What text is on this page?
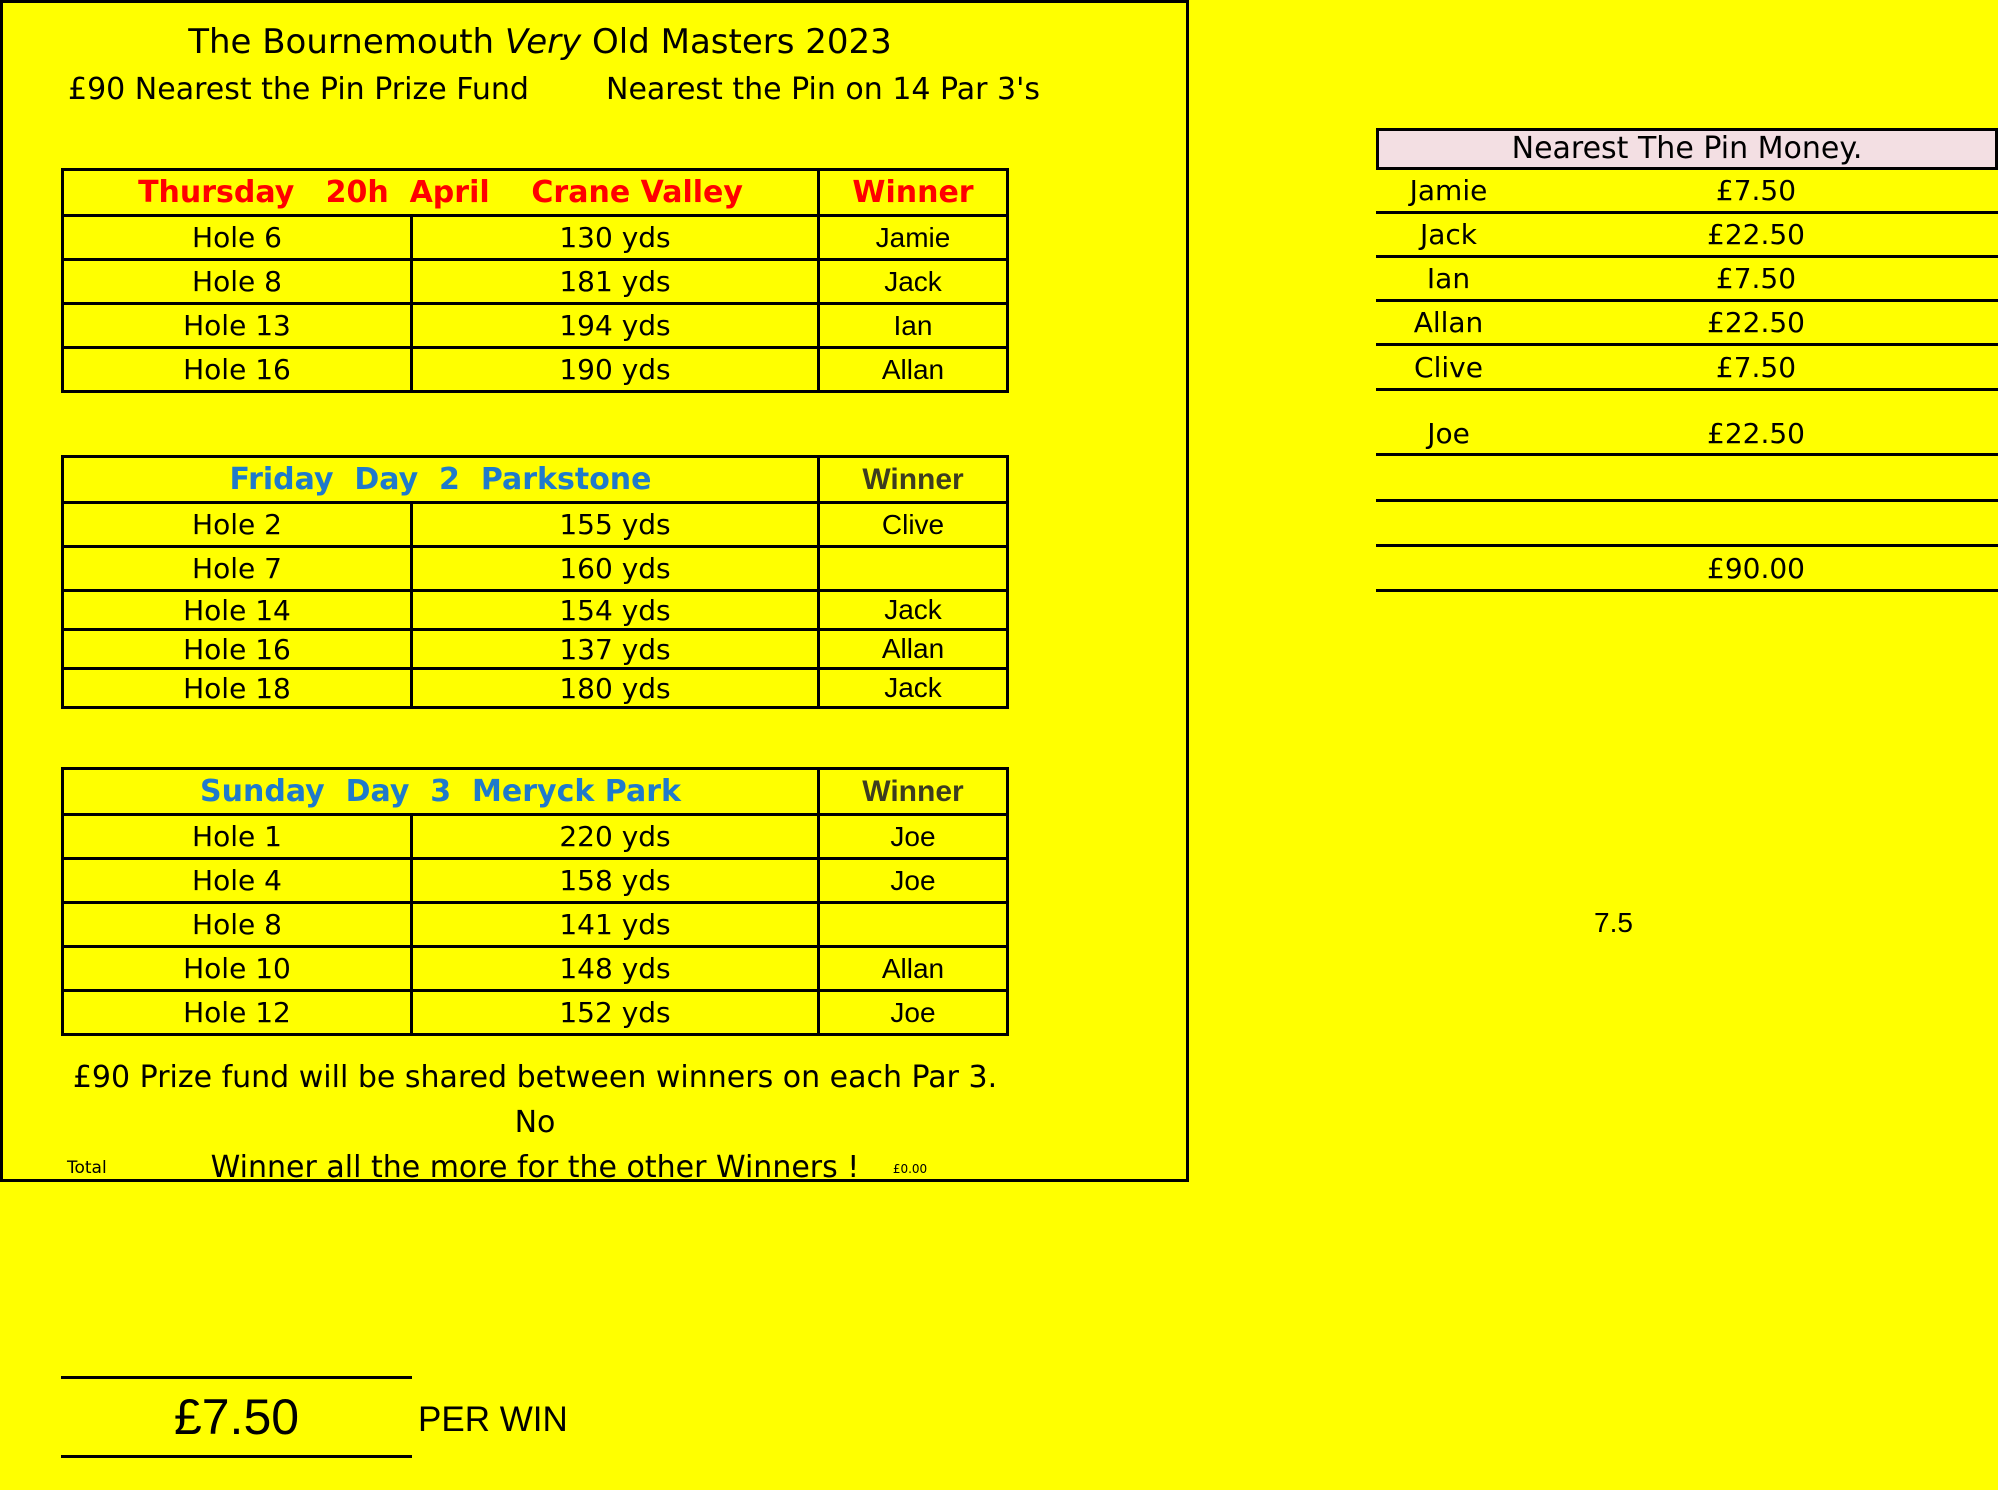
The Bournemouth Very Old Masters 2023
£90 Nearest the Pin Prize Fund	Nearest the Pin on 14 Par 3's
Thursday   20h  April    Crane Valley		Winner
Hole 6	130 yds	Jamie
Hole 8	181 yds	Jack
Hole 13	194 yds	Ian
Hole 16	190 yds	Allan
Friday  Day  2  Parkstone		Winner
Hole 2	155 yds	Clive
Hole 7	160 yds	
Hole 14	154 yds	Jack
Hole 16	137 yds	Allan
Hole 18	180 yds	Jack
Sunday  Day  3  Meryck Park		Winner
Hole 1	220 yds	Joe
Hole 4	158 yds	Joe
Hole 8	141 yds	
Hole 10	148 yds	Allan
Hole 12	152 yds	Joe
£90 Prize fund will be shared between winners on each Par 3. No
Winner all the more for the other Winners !
Total	£0.00
£7.50	PER WIN
Nearest The Pin Money.
Jamie	£7.50
Jack	£22.50
Ian	£7.50
Allan	£22.50
Clive	£7.50
Joe	£22.50
£90.00
7.5
